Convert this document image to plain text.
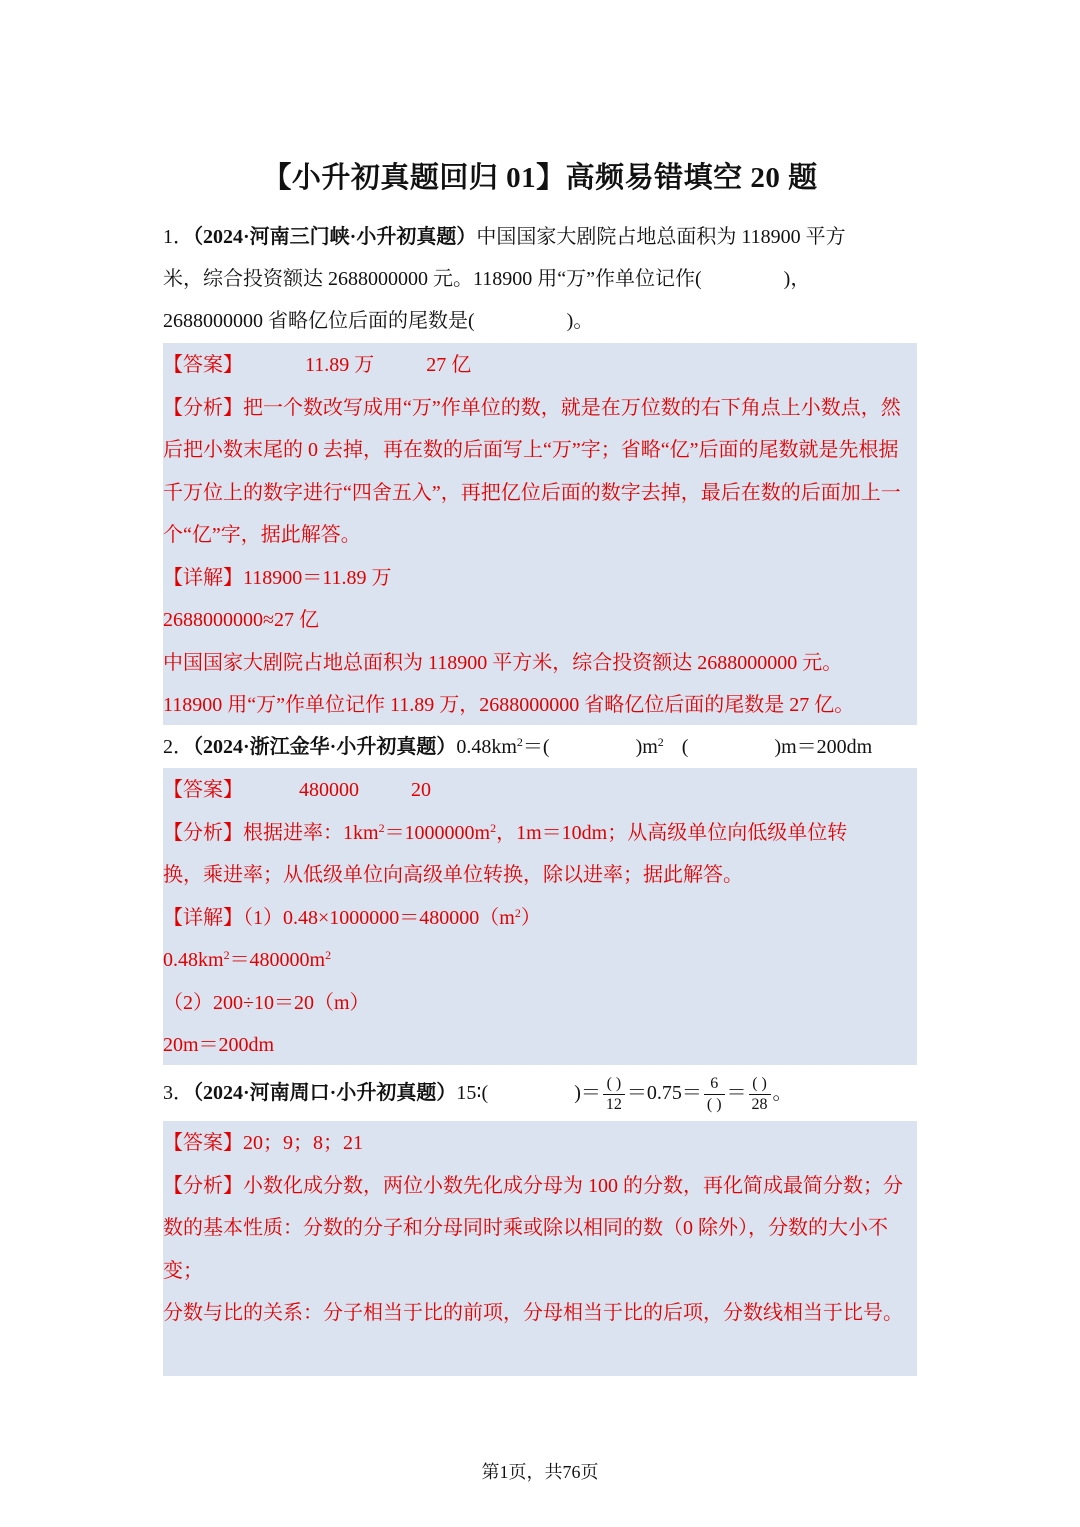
【小升初真题回归 01】高频易错填空 20 题
1．（2024·河南三门峡·小升初真题）中国国家大剧院占地总面积为 118900 平方
米，综合投资额达 2688000000 元。118900 用“万”作单位记作(	)，
2688000000 省略亿位后面的尾数是(	)。
【答案】	11.89 万	27 亿
【分析】把一个数改写成用“万”作单位的数，就是在万位数的右下角点上小数点，然后把小数末尾的 0 去掉，再在数的后面写上“万”字；省略“亿”后面的尾数就是先根据千万位上的数字进行“四舍五入”，再把亿位后面的数字去掉，最后在数的后面加上一个“亿”字，据此解答。
【详解】118900＝11.89 万
2688000000≈27 亿
中国国家大剧院占地总面积为 118900 平方米，综合投资额达 2688000000 元。
118900 用“万”作单位记作 11.89 万，2688000000 省略亿位后面的尾数是 27 亿。
2．（2024·浙江金华·小升初真题）$0.48km^2=$(	)$m^2$ (	)m＝200dm
【答案】	480000	20
【分析】根据进率：$1km^2=1000000m^2$，1m＝10dm；从高级单位向低级单位转
换，乘进率；从低级单位向高级单位转换，除以进率；据此解答。
【详解】$(1)0.48\times 1000000=480000(m^2)$
$0.48km^2=480000m^2$
（2）200÷10＝20（m）
20m＝200dm
3．（2024·河南周口·小升初真题）15∶(	)＝ $\frac{( )}{12} =0.75= \frac{6}{( )} = \frac{( )}{28}$ 。
【答案】20；9；8；21
【分析】小数化成分数，两位小数先化成分母为 100 的分数，再化简成最简分数；分数的基本性质：分数的分子和分母同时乘或除以相同的数（0 除外），分数的大小不变；
分数与比的关系：分子相当于比的前项，分母相当于比的后项，分数线相当于比号。
第1页，共76页
